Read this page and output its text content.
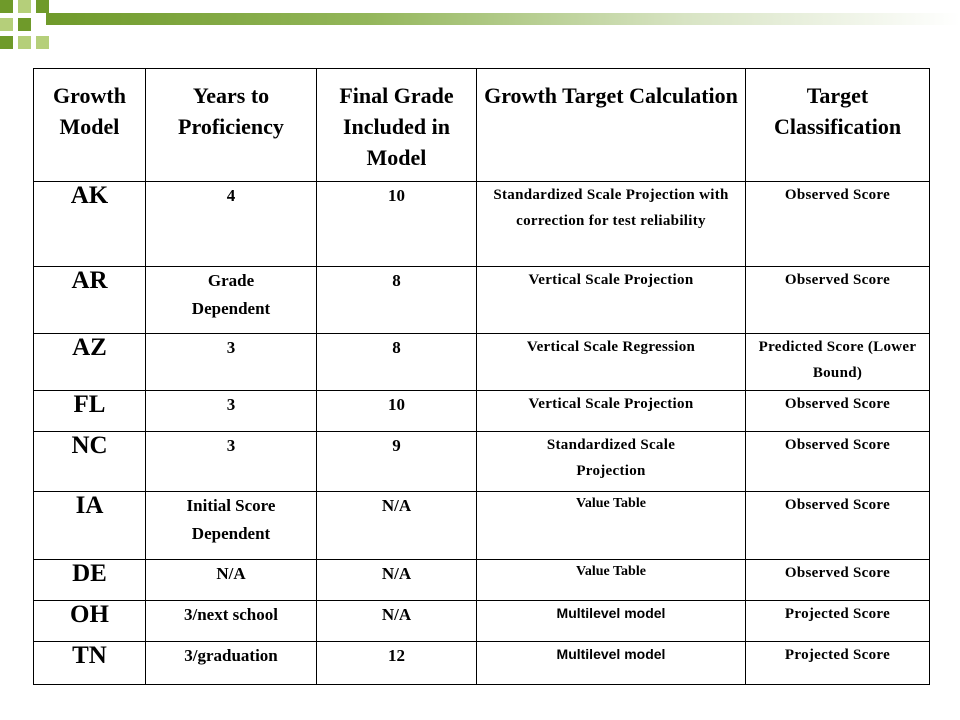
Growth Model	Years to Proficiency	Final Grade Included in Model	Growth Target Calculation	Target Classification
AK	4	10	Standardized Scale Projection with correction for test reliability	Observed Score
AR	Grade Dependent	8	Vertical Scale Projection	Observed Score
AZ	3	8	Vertical Scale Regression	Predicted Score (Lower Bound)

FL	3	10	Vertical Scale Projection	Observed Score
NC	3	9	Standardized Scale Projection	Observed Score
IA	Initial Score Dependent	N/A	Value Table	Observed Score
DE	N/A	N/A	Value Table	Observed Score
OH	3/next school	N/A	Multilevel model	Projected Score
TN	3/graduation	12	Multilevel model	Projected Score
